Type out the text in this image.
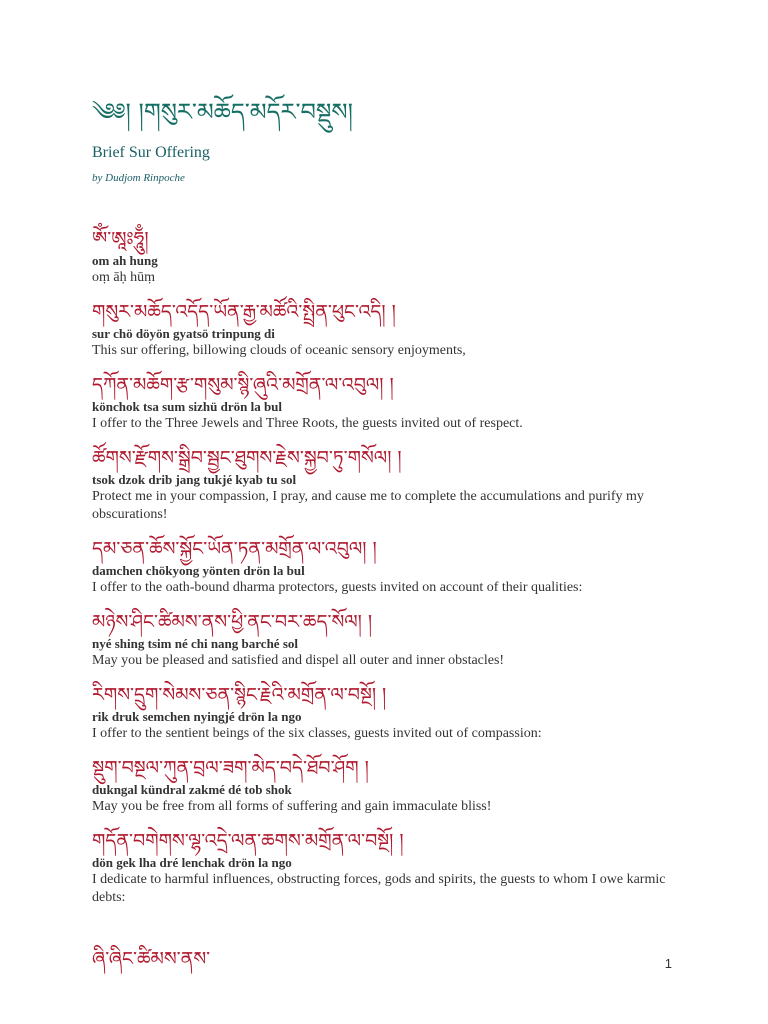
༄༅། །གསུར་མཆོད་མདོར་བསྡུས།
Brief Sur Offering
by Dudjom Rinpoche
ཨོཾ་ཨཱཿཧཱུྃ།
om ah hung
oṃ āḥ hūṃ
གསུར་མཆོད་འདོད་ཡོན་རྒྱ་མཚོའི་སྤྲིན་ཕུང་འདི། །
sur chö döyön gyatsö trinpung di
This sur offering, billowing clouds of oceanic sensory enjoyments,
དཀོན་མཆོག་རྩ་གསུམ་སྙི་ཞུའི་མགྲོན་ལ་འབུལ། །
könchok tsa sum sizhü drön la bul
I offer to the Three Jewels and Three Roots, the guests invited out of respect.
ཚོགས་རྫོགས་སྒྲིབ་སྦྱང་ཐུགས་རྗེས་སྐྱབ་ཏུ་གསོལ། །
tsok dzok drib jang tukjé kyab tu sol
Protect me in your compassion, I pray, and cause me to complete the accumulations and purify my obscurations!
དམ་ཅན་ཆོས་སྐྱོང་ཡོན་ཏན་མགྲོན་ལ་འབུལ། །
damchen chökyong yönten drön la bul
I offer to the oath-bound dharma protectors, guests invited on account of their qualities:
མཉེས་ཤིང་ཚིམས་ནས་ཕྱི་ནང་བར་ཆད་སོལ། །
nyé shing tsim né chi nang barché sol
May you be pleased and satisfied and dispel all outer and inner obstacles!
རིགས་དྲུག་སེམས་ཅན་སྙིང་རྗེའི་མགྲོན་ལ་བསྔོ། །
rik druk semchen nyingjé drön la ngo
I offer to the sentient beings of the six classes, guests invited out of compassion:
སྡུག་བསྔལ་ཀུན་བྲལ་ཟག་མེད་བདེ་ཐོབ་ཤོག །
dukngal kündral zakmé dé tob shok
May you be free from all forms of suffering and gain immaculate bliss!
གདོན་བགེགས་ལྷ་འདྲེ་ལན་ཆགས་མགྲོན་ལ་བསྔོ། །
dön gek lha dré lenchak drön la ngo
I dedicate to harmful influences, obstructing forces, gods and spirits, the guests to whom I owe karmic debts:
ཞི་ཞིང་ཚིམས་ནས་	1
